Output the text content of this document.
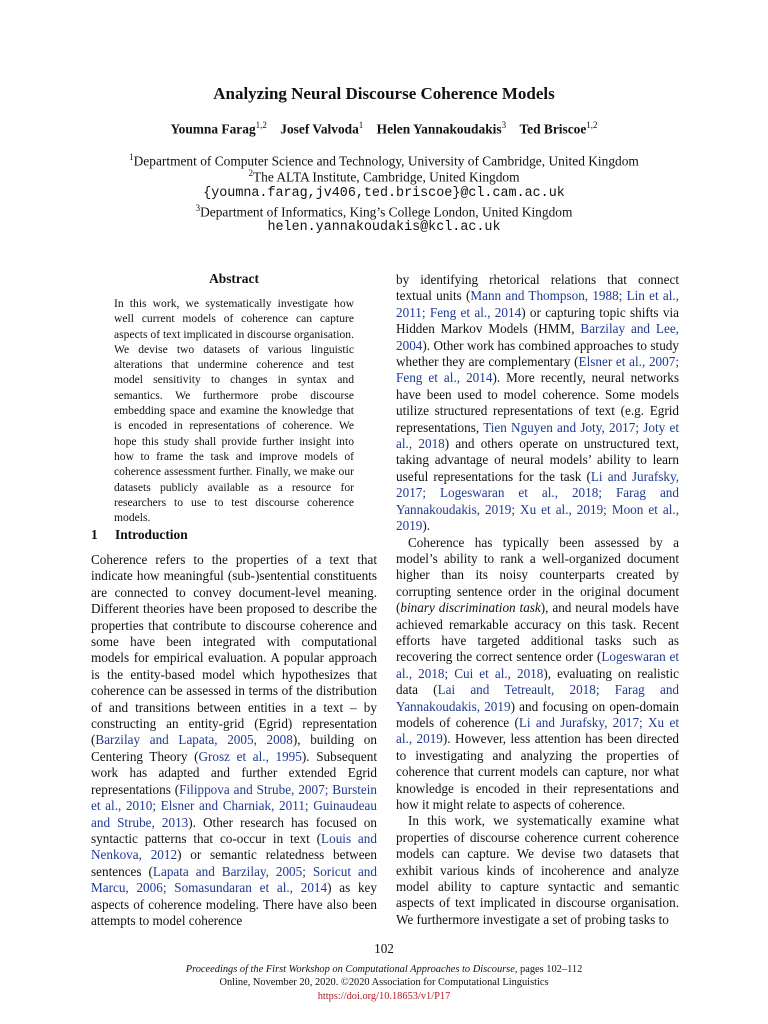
Analyzing Neural Discourse Coherence Models
Youmna Farag$^{1,2}$ Josef Valvoda$^1$ Helen Yannakoudakis$^3$ Ted Briscoe$^{1,2}$
$^1$Department of Computer Science and Technology, University of Cambridge, United Kingdom
$^2$The ALTA Institute, Cambridge, United Kingdom
{youmna.farag,jv406,ted.briscoe}@cl.cam.ac.uk
$^3$Department of Informatics, King’s College London, United Kingdom
helen.yannakoudakis@kcl.ac.uk
Abstract
In this work, we systematically investigate how well current models of coherence can capture aspects of text implicated in discourse organisation. We devise two datasets of various linguistic alterations that undermine coherence and test model sensitivity to changes in syntax and semantics. We furthermore probe discourse embedding space and examine the knowledge that is encoded in representations of coherence. We hope this study shall provide further insight into how to frame the task and improve models of coherence assessment further. Finally, we make our datasets publicly available as a resource for researchers to use to test discourse coherence models.
1 Introduction

Coherence refers to the properties of a text that indicate how meaningful (sub-)sentential constituents are connected to convey document-level meaning. Different theories have been proposed to describe the properties that contribute to discourse coherence and some have been integrated with computational models for empirical evaluation. A popular approach is the entity-based model which hypothesizes that coherence can be assessed in terms of the distribution of and transitions between entities in a text – by constructing an entity-grid (Egrid) representation (Barzilay and Lapata, 2005, 2008), building on Centering Theory (Grosz et al., 1995). Subsequent work has adapted and further extended Egrid representations (Filippova and Strube, 2007; Burstein et al., 2010; Elsner and Charniak, 2011; Guinaudeau and Strube, 2013). Other research has focused on syntactic patterns that co-occur in text (Louis and Nenkova, 2012) or semantic relatedness between sentences (Lapata and Barzilay, 2005; Soricut and Marcu, 2006; Somasundaran et al., 2014) as key aspects of coherence modeling. There have also been attempts to model coherence

by identifying rhetorical relations that connect textual units (Mann and Thompson, 1988; Lin et al., 2011; Feng et al., 2014) or capturing topic shifts via Hidden Markov Models (HMM, Barzilay and Lee, 2004). Other work has combined approaches to study whether they are complementary (Elsner et al., 2007; Feng et al., 2014). More recently, neural networks have been used to model coherence. Some models utilize structured representations of text (e.g. Egrid representations, Tien Nguyen and Joty, 2017; Joty et al., 2018) and others operate on unstructured text, taking advantage of neural models’ ability to learn useful representations for the task (Li and Jurafsky, 2017; Logeswaran et al., 2018; Farag and Yannakoudakis, 2019; Xu et al., 2019; Moon et al., 2019).

Coherence has typically been assessed by a model’s ability to rank a well-organized document higher than its noisy counterparts created by corrupting sentence order in the original document (binary discrimination task), and neural models have achieved remarkable accuracy on this task. Recent efforts have targeted additional tasks such as recovering the correct sentence order (Logeswaran et al., 2018; Cui et al., 2018), evaluating on realistic data (Lai and Tetreault, 2018; Farag and Yannakoudakis, 2019) and focusing on open-domain models of coherence (Li and Jurafsky, 2017; Xu et al., 2019). However, less attention has been directed to investigating and analyzing the properties of coherence that current models can capture, nor what knowledge is encoded in their representations and how it might relate to aspects of coherence.

In this work, we systematically examine what properties of discourse coherence current coherence models can capture. We devise two datasets that exhibit various kinds of incoherence and analyze model ability to capture syntactic and semantic aspects of text implicated in discourse organisation. We furthermore investigate a set of probing tasks to

102
Proceedings of the First Workshop on Computational Approaches to Discourse, pages 102–112
Online, November 20, 2020. ©2020 Association for Computational Linguistics
https://doi.org/10.18653/v1/P17
